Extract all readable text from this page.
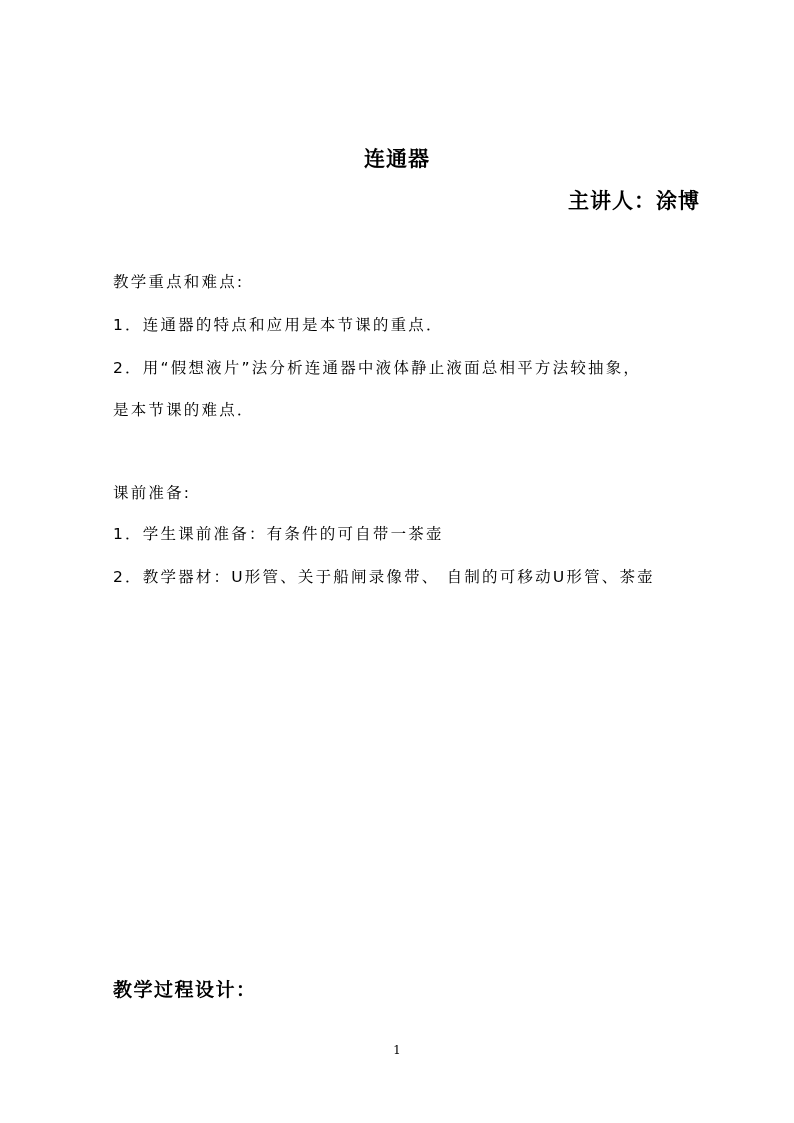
连通器
主讲人：涂博
教学重点和难点:
1．连通器的特点和应用是本节课的重点．
2．用“假想液片”法分析连通器中液体静止液面总相平方法较抽象，
是本节课的难点．
课前准备:
1．学生课前准备：有条件的可自带一茶壶
2．教学器材：U形管、关于船闸录像带、 自制的可移动U形管、茶壶
教学过程设计：
1
